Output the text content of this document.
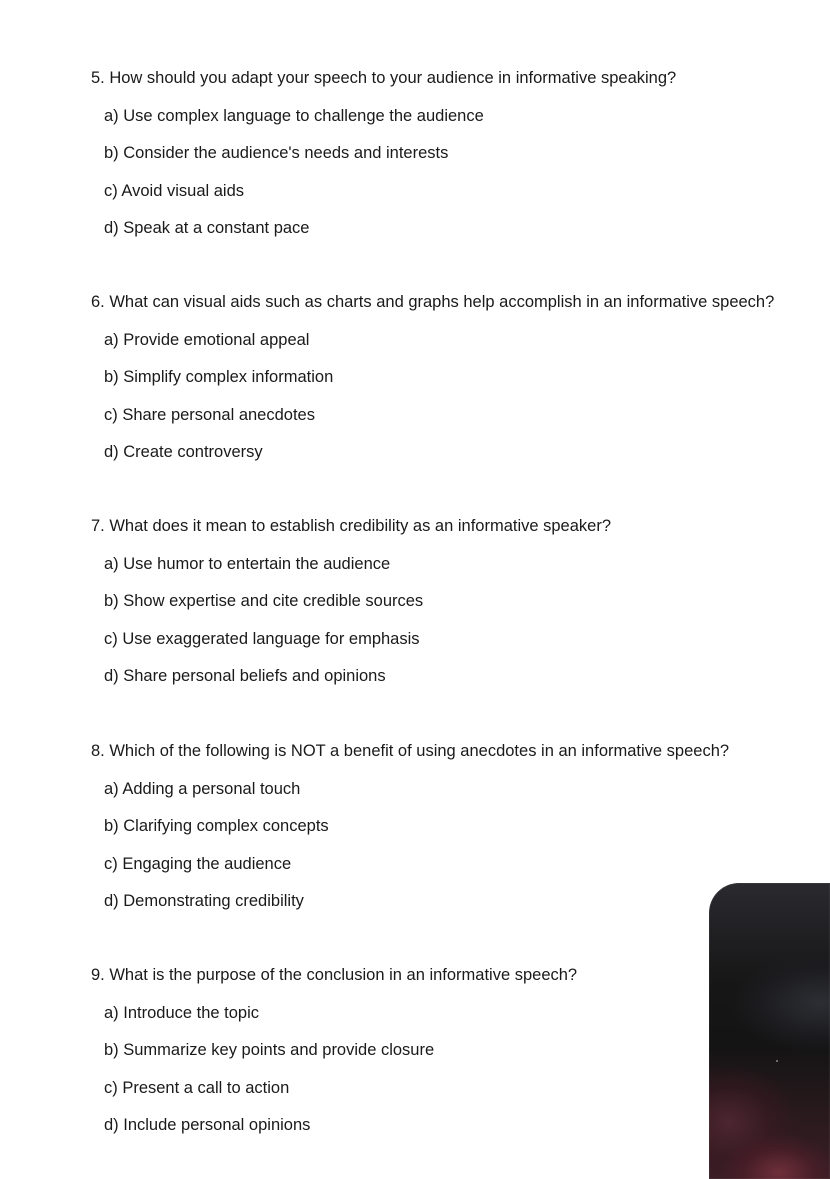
5. How should you adapt your speech to your audience in informative speaking?
a) Use complex language to challenge the audience
b) Consider the audience's needs and interests
c) Avoid visual aids
d) Speak at a constant pace
6. What can visual aids such as charts and graphs help accomplish in an informative speech?
a) Provide emotional appeal
b) Simplify complex information
c) Share personal anecdotes
d) Create controversy
7. What does it mean to establish credibility as an informative speaker?
a) Use humor to entertain the audience
b) Show expertise and cite credible sources
c) Use exaggerated language for emphasis
d) Share personal beliefs and opinions
8. Which of the following is NOT a benefit of using anecdotes in an informative speech?
a) Adding a personal touch
b) Clarifying complex concepts
c) Engaging the audience
d) Demonstrating credibility
9. What is the purpose of the conclusion in an informative speech?
a) Introduce the topic
b) Summarize key points and provide closure
c) Present a call to action
d) Include personal opinions
